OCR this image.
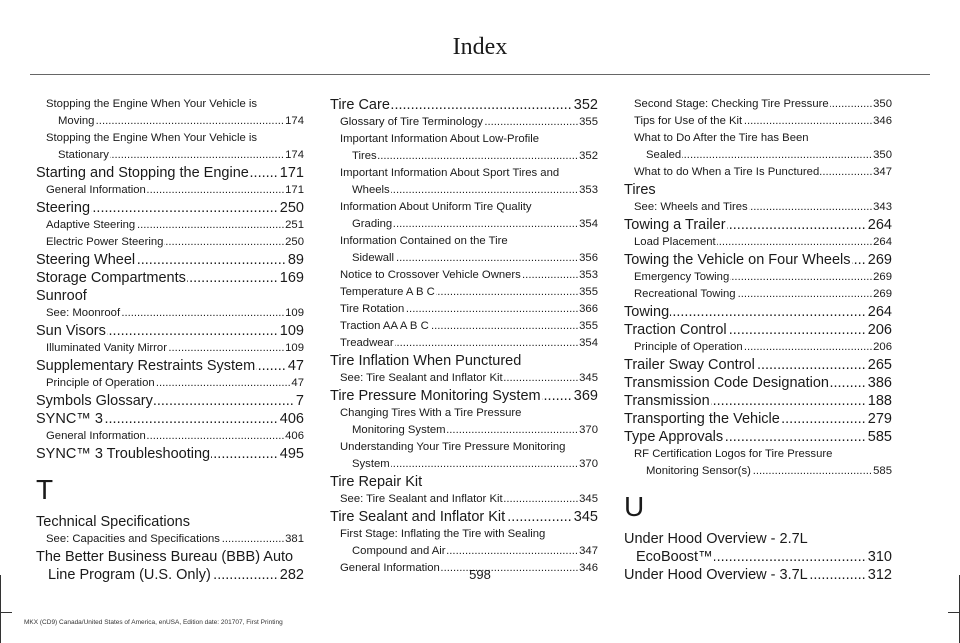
Index
Stopping the Engine When Your Vehicle is
Moving .....	174
Stopping the Engine When Your Vehicle is
Stationary .....	174
Starting and Stopping the Engine .....	171
General Information .....	171
Steering .....	250
Adaptive Steering .....	251
Electric Power Steering .....	250
Steering Wheel .....	89
Storage Compartments .....	169
Sunroof
See: Moonroof .....	109
Sun Visors .....	109
Illuminated Vanity Mirror .....	109
Supplementary Restraints System .....	47
Principle of Operation .....	47
Symbols Glossary .....	7
SYNC™ 3 .....	406
General Information .....	406
SYNC™ 3 Troubleshooting .....	495
T
Technical Specifications
See: Capacities and Specifications .....	381
The Better Business Bureau (BBB) Auto
Line Program (U.S. Only) .....	282
Tire Care .....	352
Glossary of Tire Terminology .....	355
Important Information About Low-Profile
Tires .....	352
Important Information About Sport Tires and
Wheels .....	353
Information About Uniform Tire Quality
Grading .....	354
Information Contained on the Tire
Sidewall .....	356
Notice to Crossover Vehicle Owners .....	353
Temperature A B C .....	355
Tire Rotation .....	366
Traction AA A B C .....	355
Treadwear .....	354
Tire Inflation When Punctured
See: Tire Sealant and Inflator Kit .....	345
Tire Pressure Monitoring System .....	369
Changing Tires With a Tire Pressure
Monitoring System .....	370
Understanding Your Tire Pressure Monitoring
System .....	370
Tire Repair Kit
See: Tire Sealant and Inflator Kit .....	345
Tire Sealant and Inflator Kit .....	345
First Stage: Inflating the Tire with Sealing
Compound and Air .....	347
General Information .....	346
Second Stage: Checking Tire Pressure .....	350
Tips for Use of the Kit .....	346
What to Do After the Tire has Been
Sealed .....	350
What to do When a Tire Is Punctured .....	347
Tires
See: Wheels and Tires .....	343
Towing a Trailer .....	264
Load Placement .....	264
Towing the Vehicle on Four Wheels .....	269
Emergency Towing .....	269
Recreational Towing .....	269
Towing .....	264
Traction Control .....	206
Principle of Operation .....	206
Trailer Sway Control .....	265
Transmission Code Designation .....	386
Transmission .....	188
Transporting the Vehicle .....	279
Type Approvals .....	585
RF Certification Logos for Tire Pressure
Monitoring Sensor(s) .....	585
U
Under Hood Overview - 2.7L
EcoBoost™ .....	310
Under Hood Overview - 3.7L .....	312
598
MKX (CD9) Canada/United States of America, enUSA, Edition date: 201707, First Printing
